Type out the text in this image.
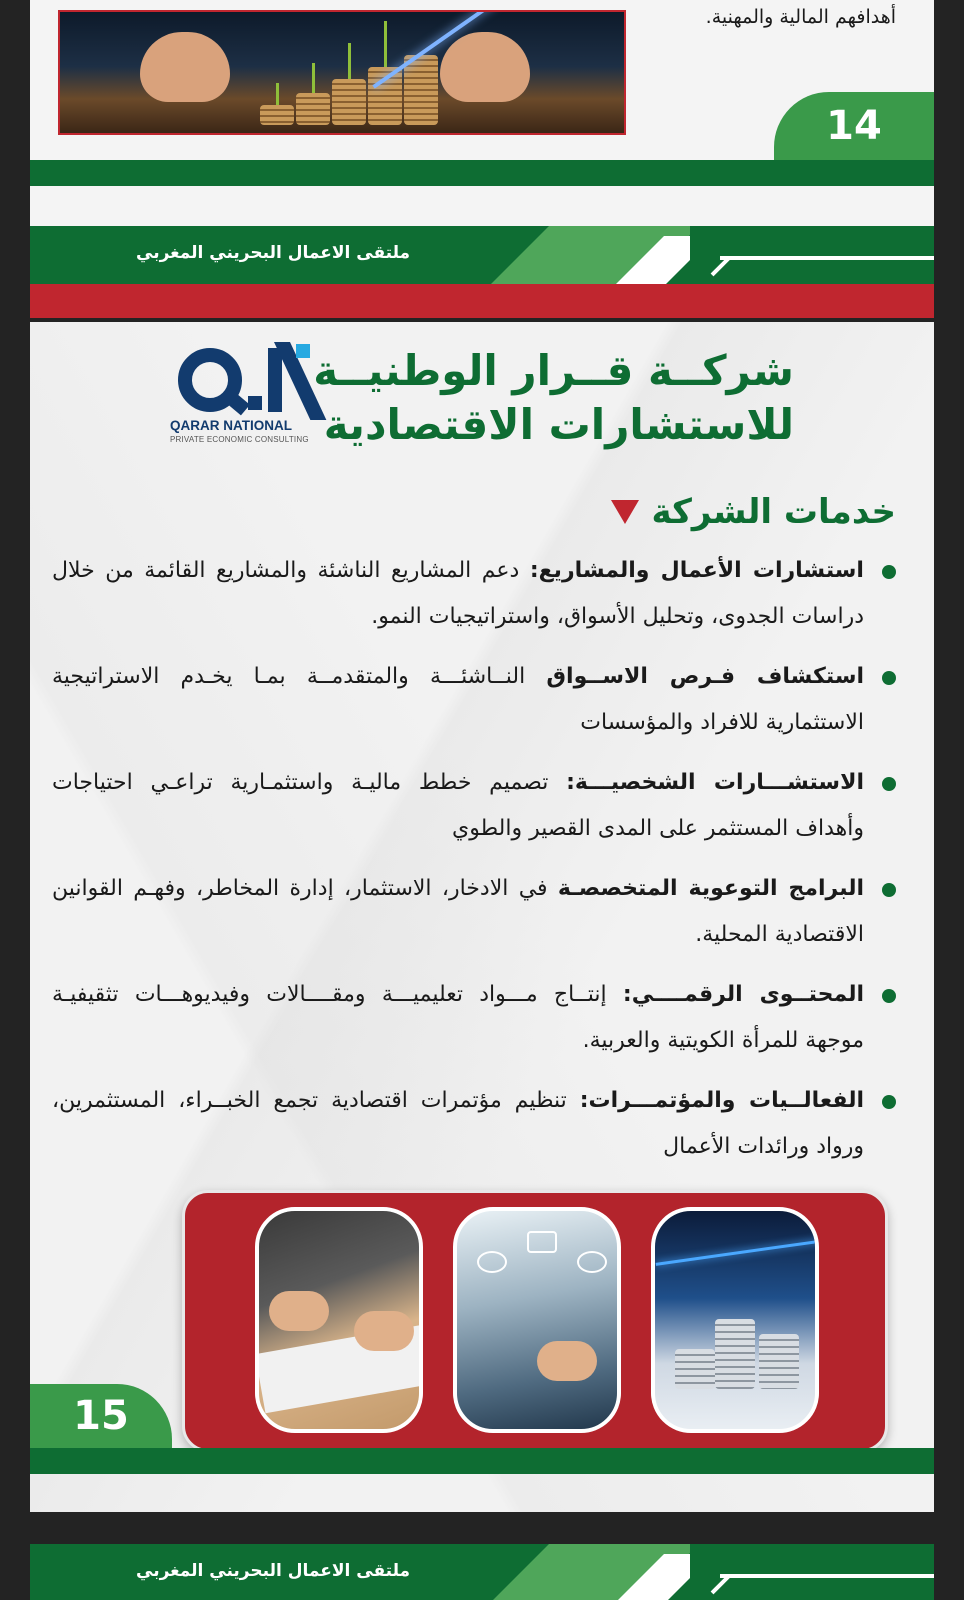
أهدافهم المالية والمهنية.
14
ملتقى الاعمال البحريني المغربي
شركــة قــرار الوطنيــة
للاستشارات الاقتصادية
QARAR NATIONAL
PRIVATE ECONOMIC CONSULTING
خدمات الشركة
استشارات الأعمال والمشاريع: دعم المشاريع الناشئة والمشاريع القائمة من خلال دراسات الجدوى، وتحليل الأسواق، واستراتيجيات النمو.
استكشاف فـرص الاســواق النــاشئـــة والمتقدمــة بمـا يخـدم الاستراتيجية الاستثمارية للافراد والمؤسسات
الاستشـــارات الشخصيـــة: تصميم خطط ماليـة واستثمـارية تراعـي احتياجات وأهداف المستثمر على المدى القصير والطوي
البرامج التوعوية المتخصصـة في الادخار، الاستثمار، إدارة المخاطر، وفهـم القوانين الاقتصادية المحلية.
المحتــوى الرقمــــي: إنتــاج مـــواد تعليميـــة ومقــــالات وفيديوهـــات تثقيفيـة موجهة للمرأة الكويتية والعربية.
الفعالــيات والمؤتمـــرات: تنظيم مؤتمرات اقتصادية تجمع الخبــراء، المستثمرين، ورواد ورائدات الأعمال
15
ملتقى الاعمال البحريني المغربي
